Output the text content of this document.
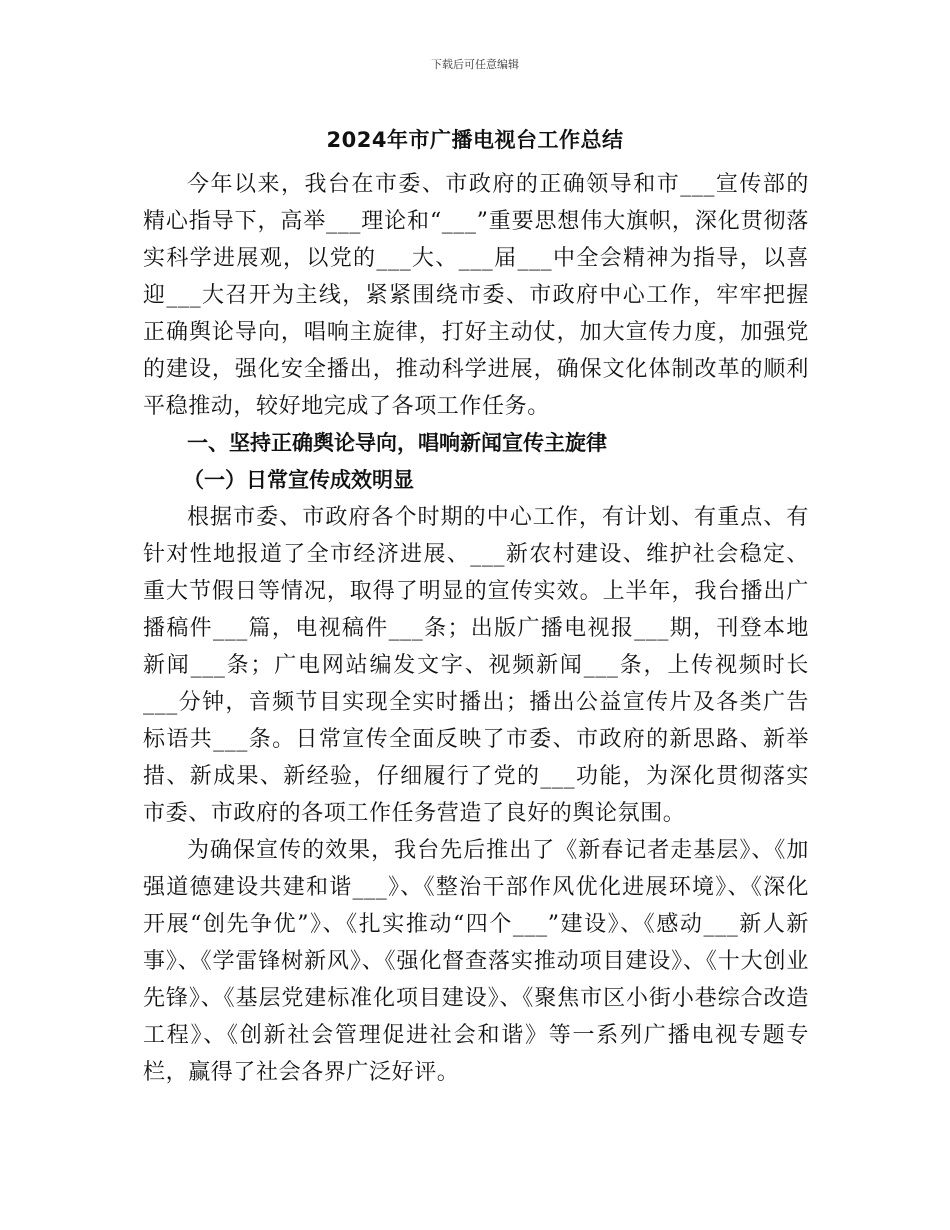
下载后可任意编辑
2024年市广播电视台工作总结

今年以来，我台在市委、市政府的正确领导和市___宣传部的精心指导下，高举___理论和“___”重要思想伟大旗帜，深化贯彻落实科学进展观，以党的___大、___届___中全会精神为指导，以喜迎___大召开为主线，紧紧围绕市委、市政府中心工作，牢牢把握正确舆论导向，唱响主旋律，打好主动仗，加大宣传力度，加强党的建设，强化安全播出，推动科学进展，确保文化体制改革的顺利平稳推动，较好地完成了各项工作任务。

一、坚持正确舆论导向，唱响新闻宣传主旋律
（一）日常宣传成效明显

根据市委、市政府各个时期的中心工作，有计划、有重点、有针对性地报道了全市经济进展、___新农村建设、维护社会稳定、重大节假日等情况，取得了明显的宣传实效。上半年，我台播出广播稿件___篇，电视稿件___条；出版广播电视报___期，刊登本地新闻___条；广电网站编发文字、视频新闻___条，上传视频时长___分钟，音频节目实现全实时播出；播出公益宣传片及各类广告标语共___条。日常宣传全面反映了市委、市政府的新思路、新举措、新成果、新经验，仔细履行了党的___功能，为深化贯彻落实市委、市政府的各项工作任务营造了良好的舆论氛围。

为确保宣传的效果，我台先后推出了《新春记者走基层》、《加强道德建设共建和谐___》、《整治干部作风优化进展环境》、《深化开展“创先争优”》、《扎实推动“四个___”建设》、《感动___新人新事》、《学雷锋树新风》、《强化督查落实推动项目建设》、《十大创业先锋》、《基层党建标准化项目建设》、《聚焦市区小街小巷综合改造工程》、《创新社会管理促进社会和谐》等一系列广播电视专题专栏，赢得了社会各界广泛好评。
